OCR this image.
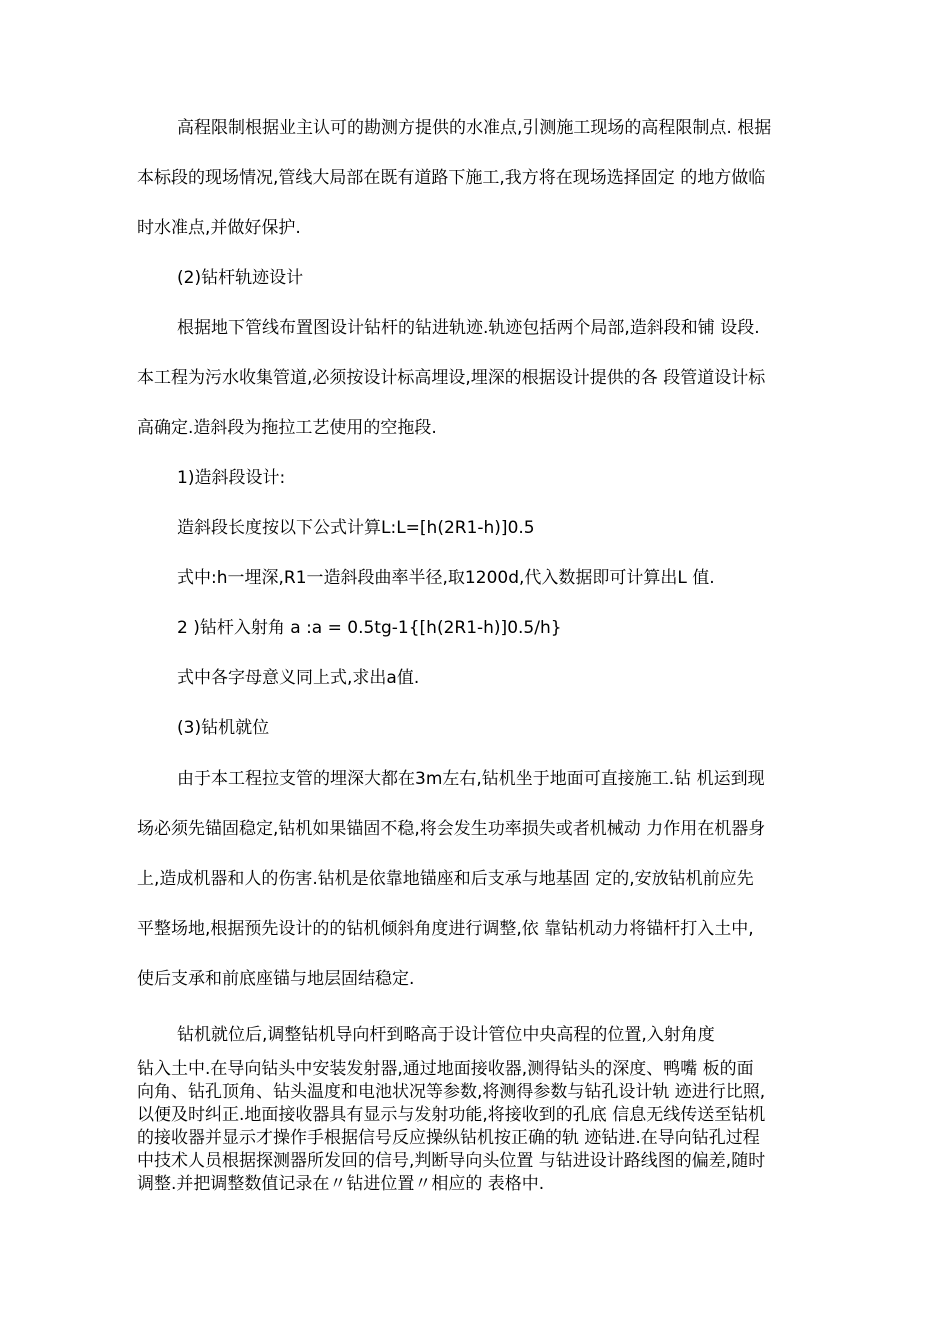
高程限制根据业主认可的勘测方提供的水准点,引测施工现场的高程限制点. 根据
本标段的现场情况,管线大局部在既有道路下施工,我方将在现场选择固定 的地方做临
时水准点,并做好保护.
(2)钻杆轨迹设计
根据地下管线布置图设计钻杆的钻进轨迹.轨迹包括两个局部,造斜段和铺 设段.
本工程为污水收集管道,必须按设计标高埋设,埋深的根据设计提供的各 段管道设计标
高确定.造斜段为拖拉工艺使用的空拖段.
1)造斜段设计:
造斜段长度按以下公式计算L:L=[h(2R1-h)]0.5
式中:h一埋深,R1一造斜段曲率半径,取1200d,代入数据即可计算出L 值.
2 )钻杆入射角 a :a = 0.5tg-1{[h(2R1-h)]0.5/h}
式中各字母意义同上式,求出a值.
(3)钻机就位
由于本工程拉支管的埋深大都在3m左右,钻机坐于地面可直接施工.钻 机运到现
场必须先锚固稳定,钻机如果锚固不稳,将会发生功率损失或者机械动 力作用在机器身
上,造成机器和人的伤害.钻机是依靠地锚座和后支承与地基固 定的,安放钻机前应先
平整场地,根据预先设计的的钻机倾斜角度进行调整,依 靠钻机动力将锚杆打入土中,
使后支承和前底座锚与地层固结稳定.
钻机就位后,调整钻机导向杆到略高于设计管位中央高程的位置,入射角度
钻入土中.在导向钻头中安装发射器,通过地面接收器,测得钻头的深度、鸭嘴 板的面
向角、钻孔顶角、钻头温度和电池状况等参数,将测得参数与钻孔设计轨 迹进行比照,
以便及时纠正.地面接收器具有显示与发射功能,将接收到的孔底 信息无线传送至钻机
的接收器并显示才操作手根据信号反应操纵钻机按正确的轨 迹钻进.在导向钻孔过程
中技术人员根据探测器所发回的信号,判断导向头位置 与钻进设计路线图的偏差,随时
调整.并把调整数值记录在〃钻进位置〃相应的 表格中.
